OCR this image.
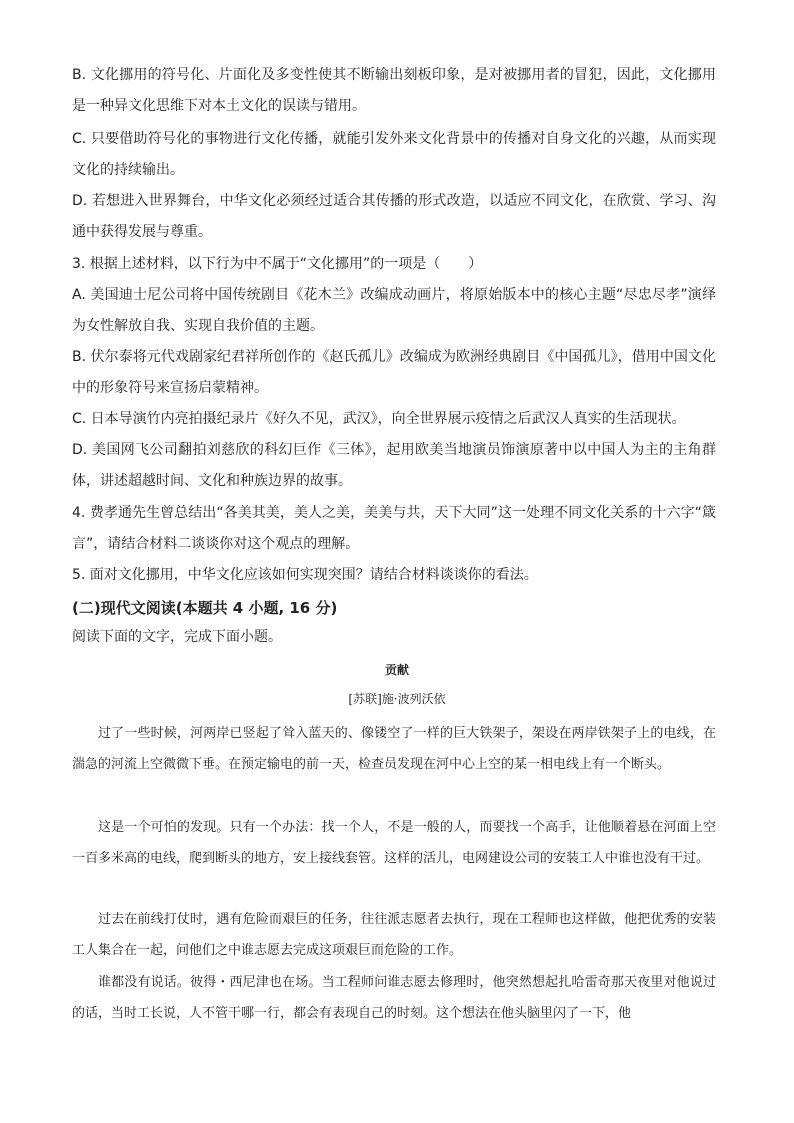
B. 文化挪用的符号化、片面化及多变性使其不断输出刻板印象，是对被挪用者的冒犯，因此，文化挪用是一种异文化思维下对本土文化的误读与错用。

C. 只要借助符号化的事物进行文化传播，就能引发外来文化背景中的传播对自身文化的兴趣，从而实现文化的持续输出。

D. 若想进入世界舞台，中华文化必须经过适合其传播的形式改造，以适应不同文化，在欣赏、学习、沟通中获得发展与尊重。

3. 根据上述材料，以下行为中不属于“文化挪用”的一项是（　　）

A. 美国迪士尼公司将中国传统剧目《花木兰》改编成动画片，将原始版本中的核心主题“尽忠尽孝”演绎为女性解放自我、实现自我价值的主题。

B. 伏尔泰将元代戏剧家纪君祥所创作的《赵氏孤儿》改编成为欧洲经典剧目《中国孤儿》，借用中国文化中的形象符号来宣扬启蒙精神。

C. 日本导演竹内亮拍摄纪录片《好久不见，武汉》，向全世界展示疫情之后武汉人真实的生活现状。

D. 美国网飞公司翻拍刘慈欣的科幻巨作《三体》，起用欧美当地演员饰演原著中以中国人为主的主角群体，讲述超越时间、文化和种族边界的故事。

4. 费孝通先生曾总结出“各美其美，美人之美，美美与共，天下大同”这一处理不同文化关系的十六字“箴言”，请结合材料二谈谈你对这个观点的理解。

5. 面对文化挪用，中华文化应该如何实现突围？请结合材料谈谈你的看法。

(二)现代文阅读(本题共 4 小题, 16 分)

阅读下面的文字，完成下面小题。

贡献

[苏联]施·波列沃依

过了一些时候，河两岸已竖起了耸入蓝天的、像镂空了一样的巨大铁架子，架设在两岸铁架子上的电线，在湍急的河流上空微微下垂。在预定输电的前一天，检查员发现在河中心上空的某一相电线上有一个断头。

这是一个可怕的发现。只有一个办法：找一个人，不是一般的人，而要找一个高手，让他顺着悬在河面上空一百多米高的电线，爬到断头的地方，安上接线套管。这样的活儿，电网建设公司的安装工人中谁也没有干过。

过去在前线打仗时，遇有危险而艰巨的任务，往往派志愿者去执行，现在工程师也这样做，他把优秀的安装工人集合在一起，问他们之中谁志愿去完成这项艰巨而危险的工作。

谁都没有说话。彼得・西尼津也在场。当工程师问谁志愿去修理时，他突然想起扎哈雷奇那天夜里对他说过的话，当时工长说，人不管干哪一行，都会有表现自己的时刻。这个想法在他头脑里闪了一下，他
